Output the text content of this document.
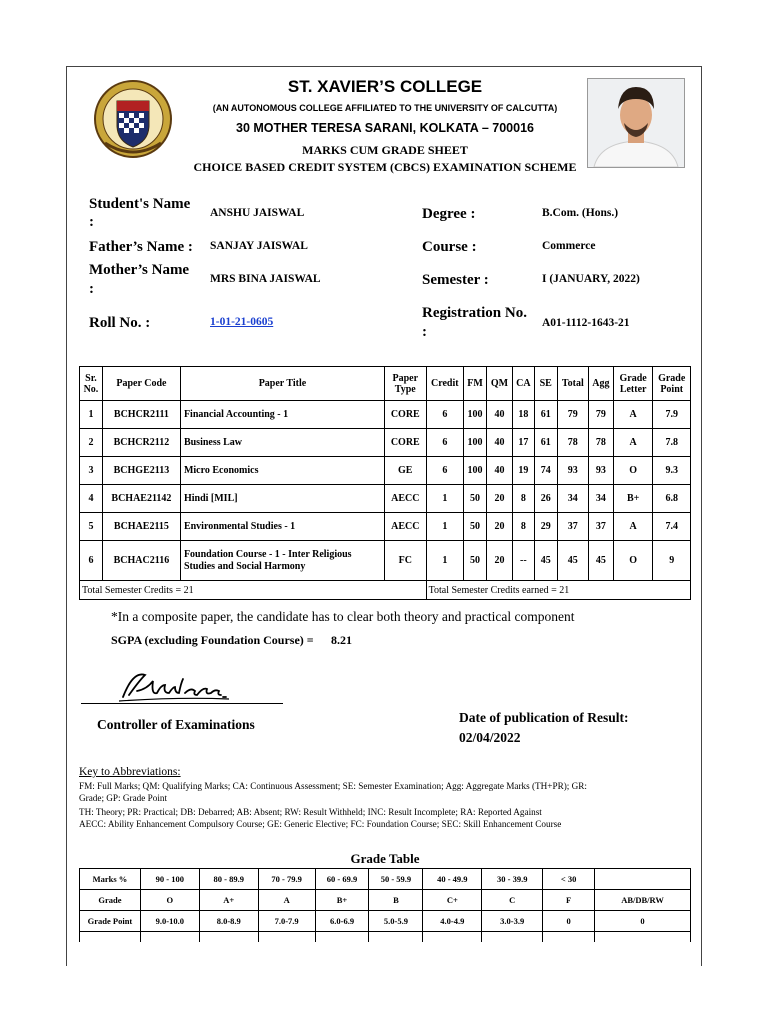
ST. XAVIER’S COLLEGE
(AN AUTONOMOUS COLLEGE AFFILIATED TO THE UNIVERSITY OF CALCUTTA)
30 MOTHER TERESA SARANI, KOLKATA – 700016
MARKS CUM GRADE SHEET
CHOICE BASED CREDIT SYSTEM (CBCS) EXAMINATION SCHEME
Student's Name
:
ANSHU JAISWAL
Father’s Name : SANJAY JAISWAL
Mother’s Name
:
MRS BINA JAISWAL
Roll No. :	1-01-21-0605
Degree :	B.Com. (Hons.)
Course :	Commerce
Semester :	I (JANUARY, 2022)
Registration No.
:
A01-1112-1643-21
Sr. No.	Paper Code	Paper Title	Paper Type	Credit	FM	QM	CA	SE	Total	Agg	Grade Letter	Grade Point
1	BCHCR2111	Financial Accounting - 1	CORE	6	100	40	18	61	79	79	A	7.9
2	BCHCR2112	Business Law	CORE	6	100	40	17	61	78	78	A	7.8
3	BCHGE2113	Micro Economics	GE	6	100	40	19	74	93	93	O	9.3
4	BCHAE21142	Hindi [MIL]	AECC	1	50	20	8	26	34	34	B+	6.8
5	BCHAE2115	Environmental Studies - 1	AECC	1	50	20	8	29	37	37	A	7.4
6	BCHAC2116	Foundation Course - 1 - Inter Religious Studies and Social Harmony	FC	1	50	20	--	45	45	45	O	9
Total Semester Credits = 21				Total Semester Credits earned = 21								
*In a composite paper, the candidate has to clear both theory and practical component
SGPA (excluding Foundation Course) = 8.21
Controller of Examinations	Date of publication of Result:
02/04/2022
Key to Abbreviations:
FM: Full Marks; QM: Qualifying Marks; CA: Continuous Assessment; SE: Semester Examination; Agg: Aggregate Marks (TH+PR); GR:
Grade; GP: Grade Point
TH: Theory; PR: Practical; DB: Debarred; AB: Absent; RW: Result Withheld; INC: Result Incomplete; RA: Reported Against
AECC: Ability Enhancement Compulsory Course; GE: Generic Elective; FC: Foundation Course; SEC: Skill Enhancement Course
Grade Table
Marks %	90 - 100	80 - 89.9	70 - 79.9	60 - 69.9	50 - 59.9	40 - 49.9	30 - 39.9	< 30	
Grade	O	A+	A	B+	B	C+	C	F	AB/DB/RW
Grade Point	9.0-10.0	8.0-8.9	7.0-7.9	6.0-6.9	5.0-5.9	4.0-4.9	3.0-3.9	0	0
